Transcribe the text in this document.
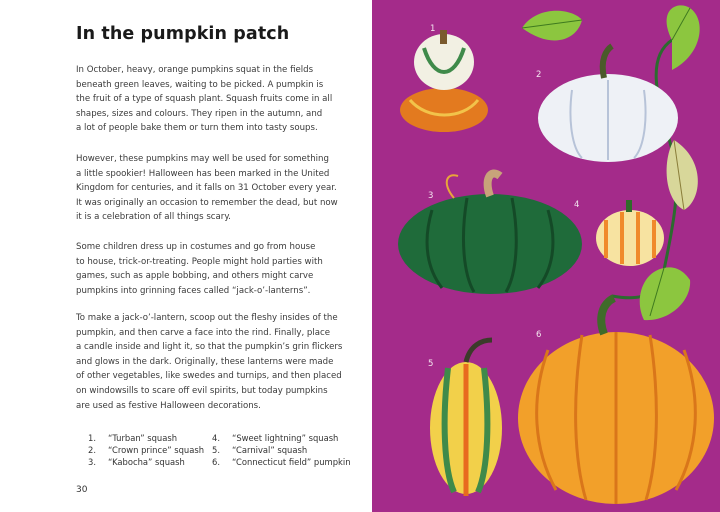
In the pumpkin patch

In October, heavy, orange pumpkins squat in the fields
beneath green leaves, waiting to be picked. A pumpkin is
the fruit of a type of squash plant. Squash fruits come in all
shapes, sizes and colours. They ripen in the autumn, and
a lot of people bake them or turn them into tasty soups.

However, these pumpkins may well be used for something
a little spookier! Halloween has been marked in the United
Kingdom for centuries, and it falls on 31 October every year.
It was originally an occasion to remember the dead, but now
it is a celebration of all things scary.

Some children dress up in costumes and go from house
to house, trick-or-treating. People might hold parties with
games, such as apple bobbing, and others might carve
pumpkins into grinning faces called “jack-o’-lanterns”.

To make a jack-o’-lantern, scoop out the fleshy insides of the
pumpkin, and then carve a face into the rind. Finally, place
a candle inside and light it, so that the pumpkin’s grin flickers
and glows in the dark. Originally, these lanterns were made
of other vegetables, like swedes and turnips, and then placed
on windowsills to scare off evil spirits, but today pumpkins
are used as festive Halloween decorations.

1. “Turban” squash
2. “Crown prince” squash
3. “Kabocha” squash
4. “Sweet lightning” squash
5. “Carnival” squash
6. “Connecticut field” pumpkin
30
1
2
3
4
5
6
